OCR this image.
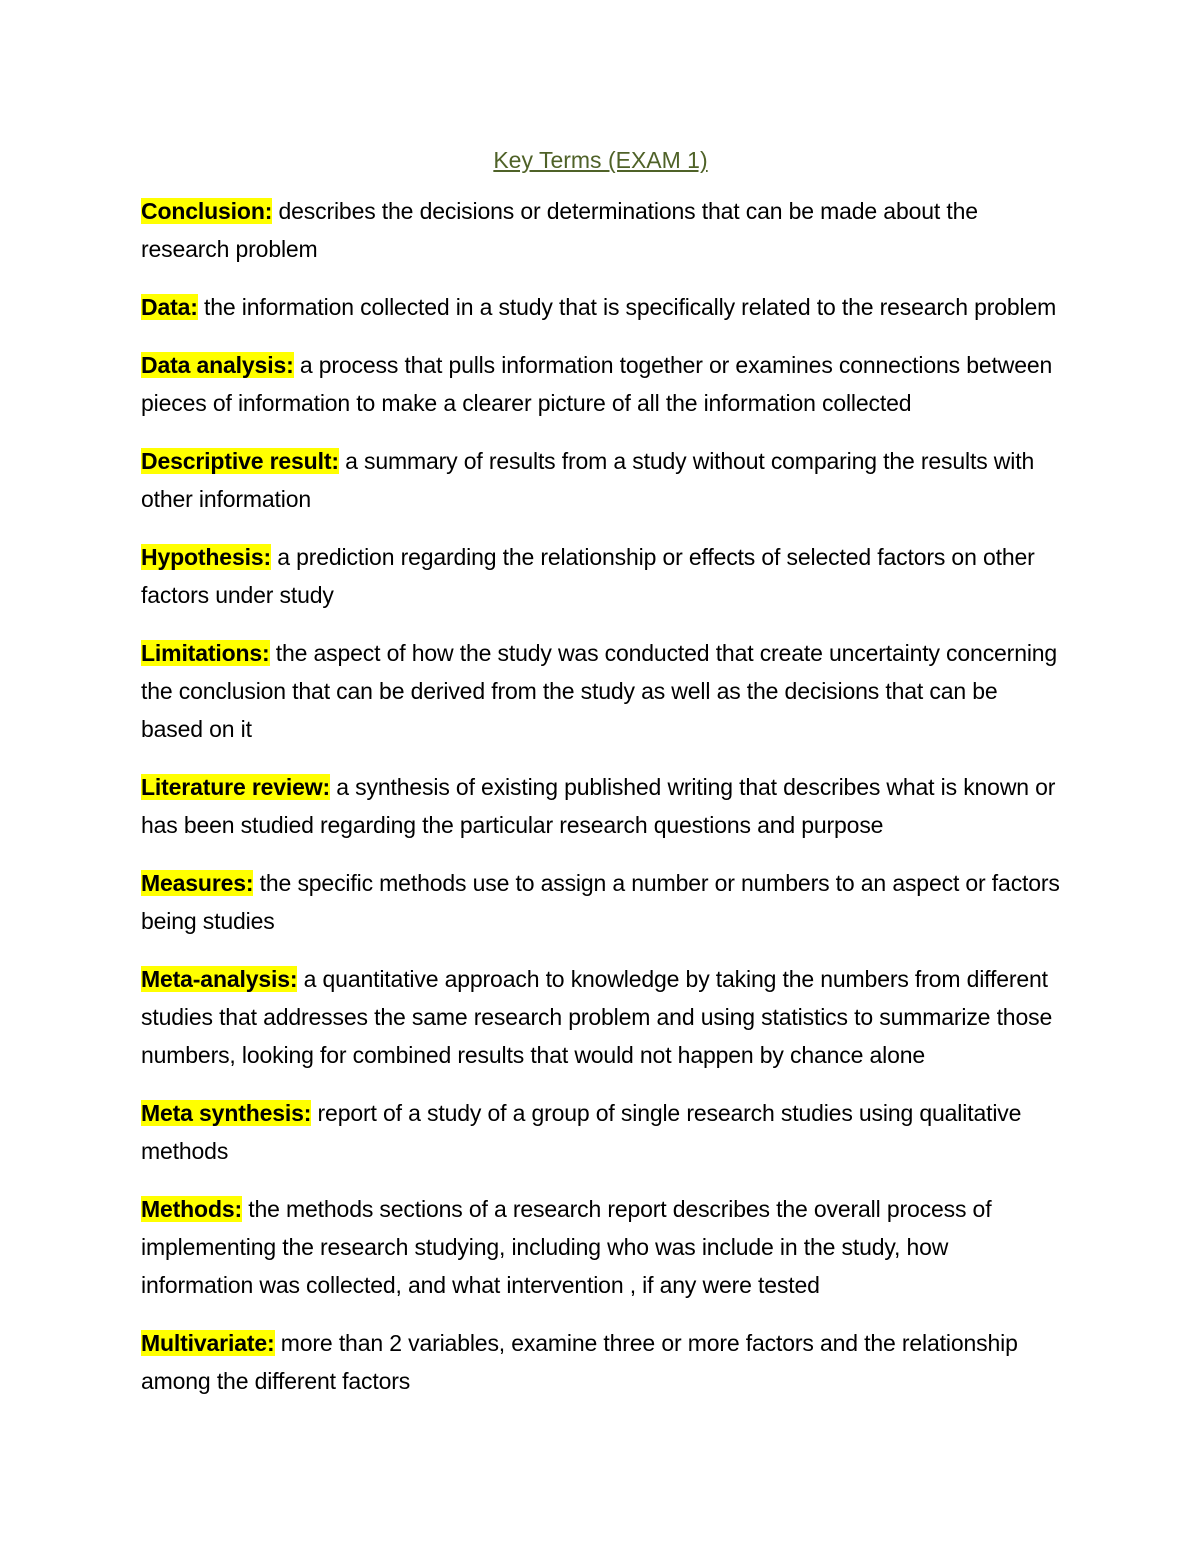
Key Terms (EXAM 1)

Conclusion: describes the decisions or determinations that can be made about the research problem

Data: the information collected in a study that is specifically related to the research problem

Data analysis: a process that pulls information together or examines connections between pieces of information to make a clearer picture of all the information collected

Descriptive result: a summary of results from a study without comparing the results with other information

Hypothesis: a prediction regarding the relationship or effects of selected factors on other factors under study

Limitations: the aspect of how the study was conducted that create uncertainty concerning the conclusion that can be derived from the study as well as the decisions that can be based on it

Literature review: a synthesis of existing published writing that describes what is known or has been studied regarding the particular research questions and purpose

Measures: the specific methods use to assign a number or numbers to an aspect or factors being studies

Meta-analysis: a quantitative approach to knowledge by taking the numbers from different studies that addresses the same research problem and using statistics to summarize those numbers, looking for combined results that would not happen by chance alone

Meta synthesis: report of a study of a group of single research studies using qualitative methods

Methods: the methods sections of a research report describes the overall process of implementing the research studying, including who was include in the study, how information was collected, and what intervention , if any were tested

Multivariate: more than 2 variables, examine three or more factors and the relationship among the different factors
